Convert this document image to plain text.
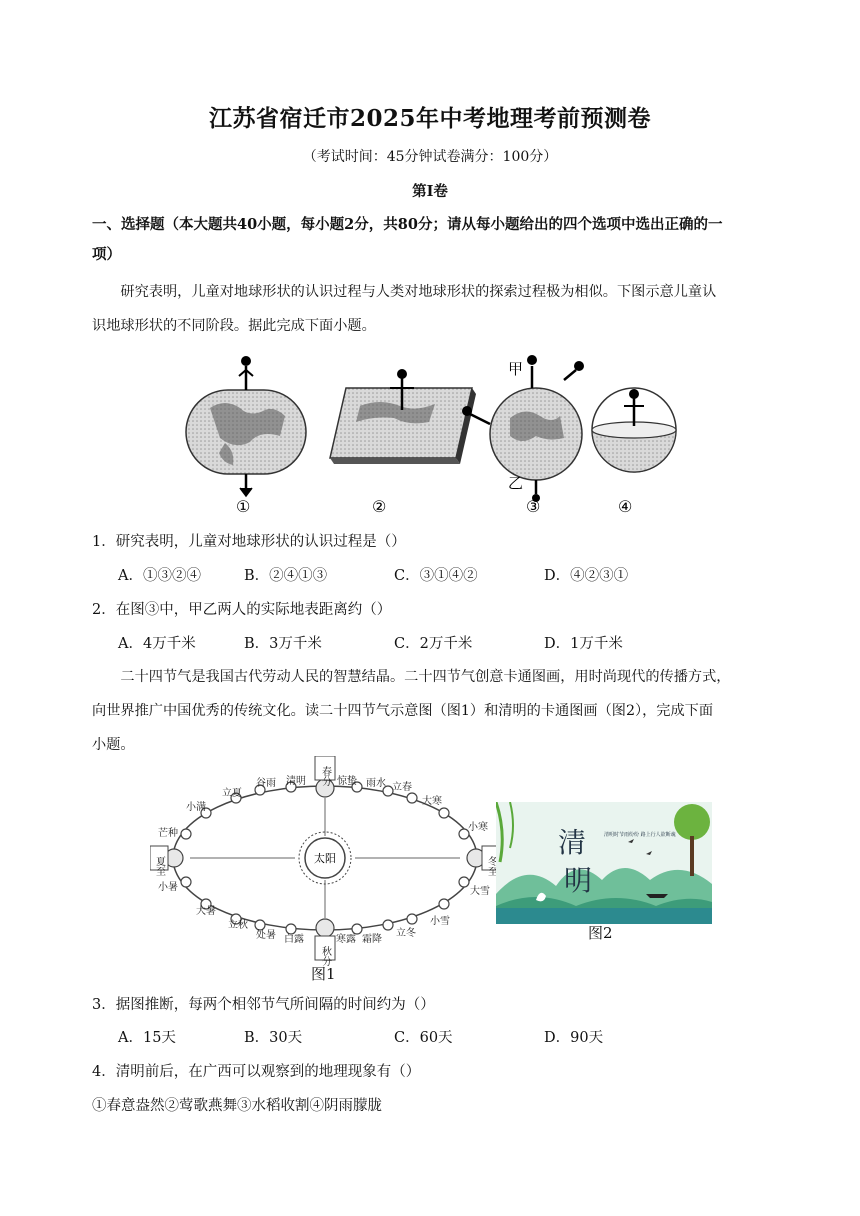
江苏省宿迁市2025年中考地理考前预测卷
（考试时间：45分钟试卷满分：100分）
第Ⅰ卷
一、选择题（本大题共40小题，每小题2分，共80分；请从每小题给出的四个选项中选出正确的一
项）
研究表明，儿童对地球形状的认识过程与人类对地球形状的探索过程极为相似。下图示意儿童认
识地球形状的不同阶段。据此完成下面小题。
甲
乙
①	②	③	④
1．研究表明，儿童对地球形状的认识过程是（）
A．①③②④	B．②④①③	C．③①④②	D．④②③①
2．在图③中，甲乙两人的实际地表距离约（）
A．4万千米	B．3万千米	C．2万千米	D．1万千米
二十四节气是我国古代劳动人民的智慧结晶。二十四节气创意卡通图画，用时尚现代的传播方式，
向世界推广中国优秀的传统文化。读二十四节气示意图（图1）和清明的卡通图画（图2），完成下面
小题。
太阳
春分
秋分
夏至	冬至
惊蛰 雨水 立春
大寒
小寒
大雪
小雪
立冬
霜降
寒露
白露
处暑
立秋
大暑
小暑
芒种
小满
立夏
谷雨 清明
图1
清
明
清明时节雨纷纷 路上行人欲断魂
图2
3．据图推断，每两个相邻节气所间隔的时间约为（）
A．15天	B．30天	C．60天	D．90天
4．清明前后，在广西可以观察到的地理现象有（）
①春意盎然②莺歌燕舞③水稻收割④阴雨朦胧
